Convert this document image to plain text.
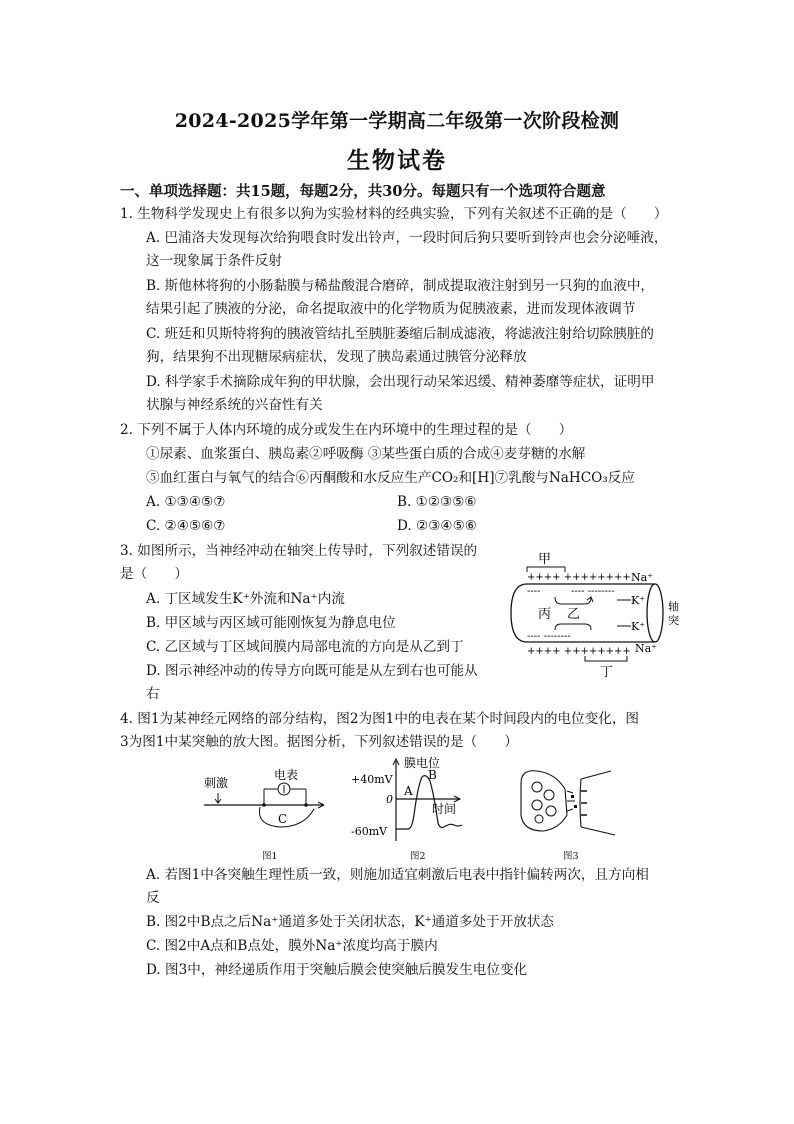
2024-2025学年第一学期高二年级第一次阶段检测
生物试卷
一、单项选择题：共15题，每题2分，共30分。每题只有一个选项符合题意
1. 生物科学发现史上有很多以狗为实验材料的经典实验，下列有关叙述不正确的是（　　）
A. 巴浦洛夫发现每次给狗喂食时发出铃声，一段时间后狗只要听到铃声也会分泌唾液，
这一现象属于条件反射
B. 斯他林将狗的小肠黏膜与稀盐酸混合磨碎，制成提取液注射到另一只狗的血液中，
结果引起了胰液的分泌，命名提取液中的化学物质为促胰液素，进而发现体液调节
C. 班廷和贝斯特将狗的胰液管结扎至胰脏萎缩后制成滤液，将滤液注射给切除胰脏的
狗，结果狗不出现糖尿病症状，发现了胰岛素通过胰管分泌释放
D. 科学家手术摘除成年狗的甲状腺，会出现行动呆笨迟缓、精神萎靡等症状，证明甲
状腺与神经系统的兴奋性有关
2. 下列不属于人体内环境的成分或发生在内环境中的生理过程的是（　　）
①尿素、血浆蛋白、胰岛素②呼吸酶 ③某些蛋白质的合成④麦芽糖的水解
⑤血红蛋白与氧气的结合⑥丙酮酸和水反应生产CO₂和[H]⑦乳酸与NaHCO₃反应
A. ①③④⑤⑦	B. ①②③⑤⑥
C. ②④⑤⑥⑦	D. ②③④⑤⑥
3. 如图所示，当神经冲动在轴突上传导时，下列叙述错误的
是（　　）
A. 丁区域发生K⁺外流和Na⁺内流
B. 甲区域与丙区域可能刚恢复为静息电位
C. 乙区域与丁区域间膜内局部电流的方向是从乙到丁
D. 图示神经冲动的传导方向既可能是从左到右也可能从
右
甲
++++ ++++++++ Na⁺
----	---- --------
K⁺
丙 乙
K⁺
---- --------
++++ ++++++++ Na⁺
丁
轴
突
4. 图1为某神经元网络的部分结构，图2为图1中的电表在某个时间段内的电位变化，图
3为图1中某突触的放大图。据图分析，下列叙述错误的是（　　）
刺激
电表
C
图1
膜电位
+40mV
0
-60mV
A
B
时间
图2	图3
A. 若图1中各突触生理性质一致，则施加适宜刺激后电表中指针偏转两次，且方向相
反
B. 图2中B点之后Na⁺通道多处于关闭状态，K⁺通道多处于开放状态
C. 图2中A点和B点处，膜外Na⁺浓度均高于膜内
D. 图3中，神经递质作用于突触后膜会使突触后膜发生电位变化
